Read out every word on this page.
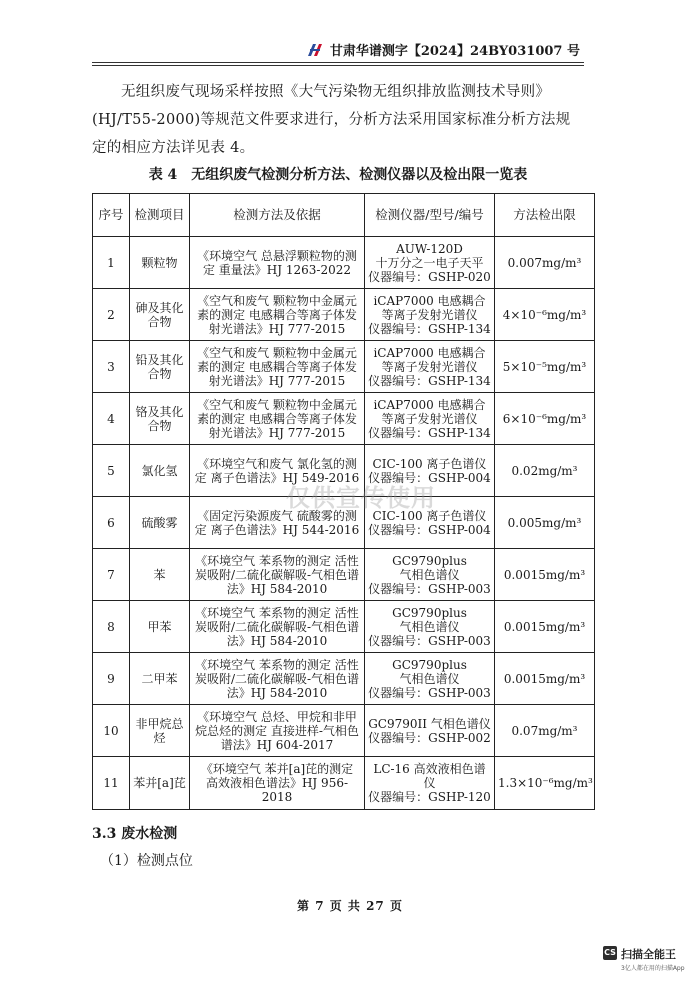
甘肃华谱测字【2024】24BY031007 号
无组织废气现场采样按照《大气污染物无组织排放监测技术导则》(HJ/T55-2000)等规范文件要求进行，分析方法采用国家标准分析方法规定的相应方法详见表 4。
表 4　无组织废气检测分析方法、检测仪器以及检出限一览表
序号	检测项目	检测方法及依据	检测仪器/型号/编号	方法检出限
1	颗粒物	《环境空气 总悬浮颗粒物的测定 重量法》HJ 1263-2022	AUW-120D
十万分之一电子天平
仪器编号：GSHP-020	0.007mg/m³
2	砷及其化合物	《空气和废气 颗粒物中金属元素的测定 电感耦合等离子体发射光谱法》HJ 777-2015	iCAP7000 电感耦合等离子发射光谱仪
仪器编号：GSHP-134	4×10⁻⁶mg/m³
3	铅及其化合物	《空气和废气 颗粒物中金属元素的测定 电感耦合等离子体发射光谱法》HJ 777-2015	iCAP7000 电感耦合等离子发射光谱仪
仪器编号：GSHP-134	5×10⁻⁵mg/m³
4	铬及其化合物	《空气和废气 颗粒物中金属元素的测定 电感耦合等离子体发射光谱法》HJ 777-2015	iCAP7000 电感耦合等离子发射光谱仪
仪器编号：GSHP-134	6×10⁻⁶mg/m³
5	氯化氢	《环境空气和废气 氯化氢的测定 离子色谱法》HJ 549-2016	CIC-100 离子色谱仪
仪器编号：GSHP-004	0.02mg/m³
6	硫酸雾	《固定污染源废气 硫酸雾的测定 离子色谱法》HJ 544-2016	CIC-100 离子色谱仪
仪器编号：GSHP-004	0.005mg/m³
7	苯	《环境空气 苯系物的测定 活性炭吸附/二硫化碳解吸-气相色谱法》HJ 584-2010	GC9790plus
气相色谱仪
仪器编号：GSHP-003	0.0015mg/m³
8	甲苯	《环境空气 苯系物的测定 活性炭吸附/二硫化碳解吸-气相色谱法》HJ 584-2010	GC9790plus
气相色谱仪
仪器编号：GSHP-003	0.0015mg/m³
9	二甲苯	《环境空气 苯系物的测定 活性炭吸附/二硫化碳解吸-气相色谱法》HJ 584-2010	GC9790plus
气相色谱仪
仪器编号：GSHP-003	0.0015mg/m³
10	非甲烷总烃	《环境空气 总烃、甲烷和非甲烷总烃的测定 直接进样-气相色谱法》HJ 604-2017	GC9790II 气相色谱仪
仪器编号：GSHP-002	0.07mg/m³
11	苯并[a]芘	《环境空气 苯并[a]芘的测定 高效液相色谱法》HJ 956-2018	LC-16 高效液相色谱仪
仪器编号：GSHP-120	1.3×10⁻⁶mg/m³
仅供宣传使用
3.3 废水检测
（1）检测点位
第 7 页 共 27 页
CS 扫描全能王
3亿人都在用的扫描App
